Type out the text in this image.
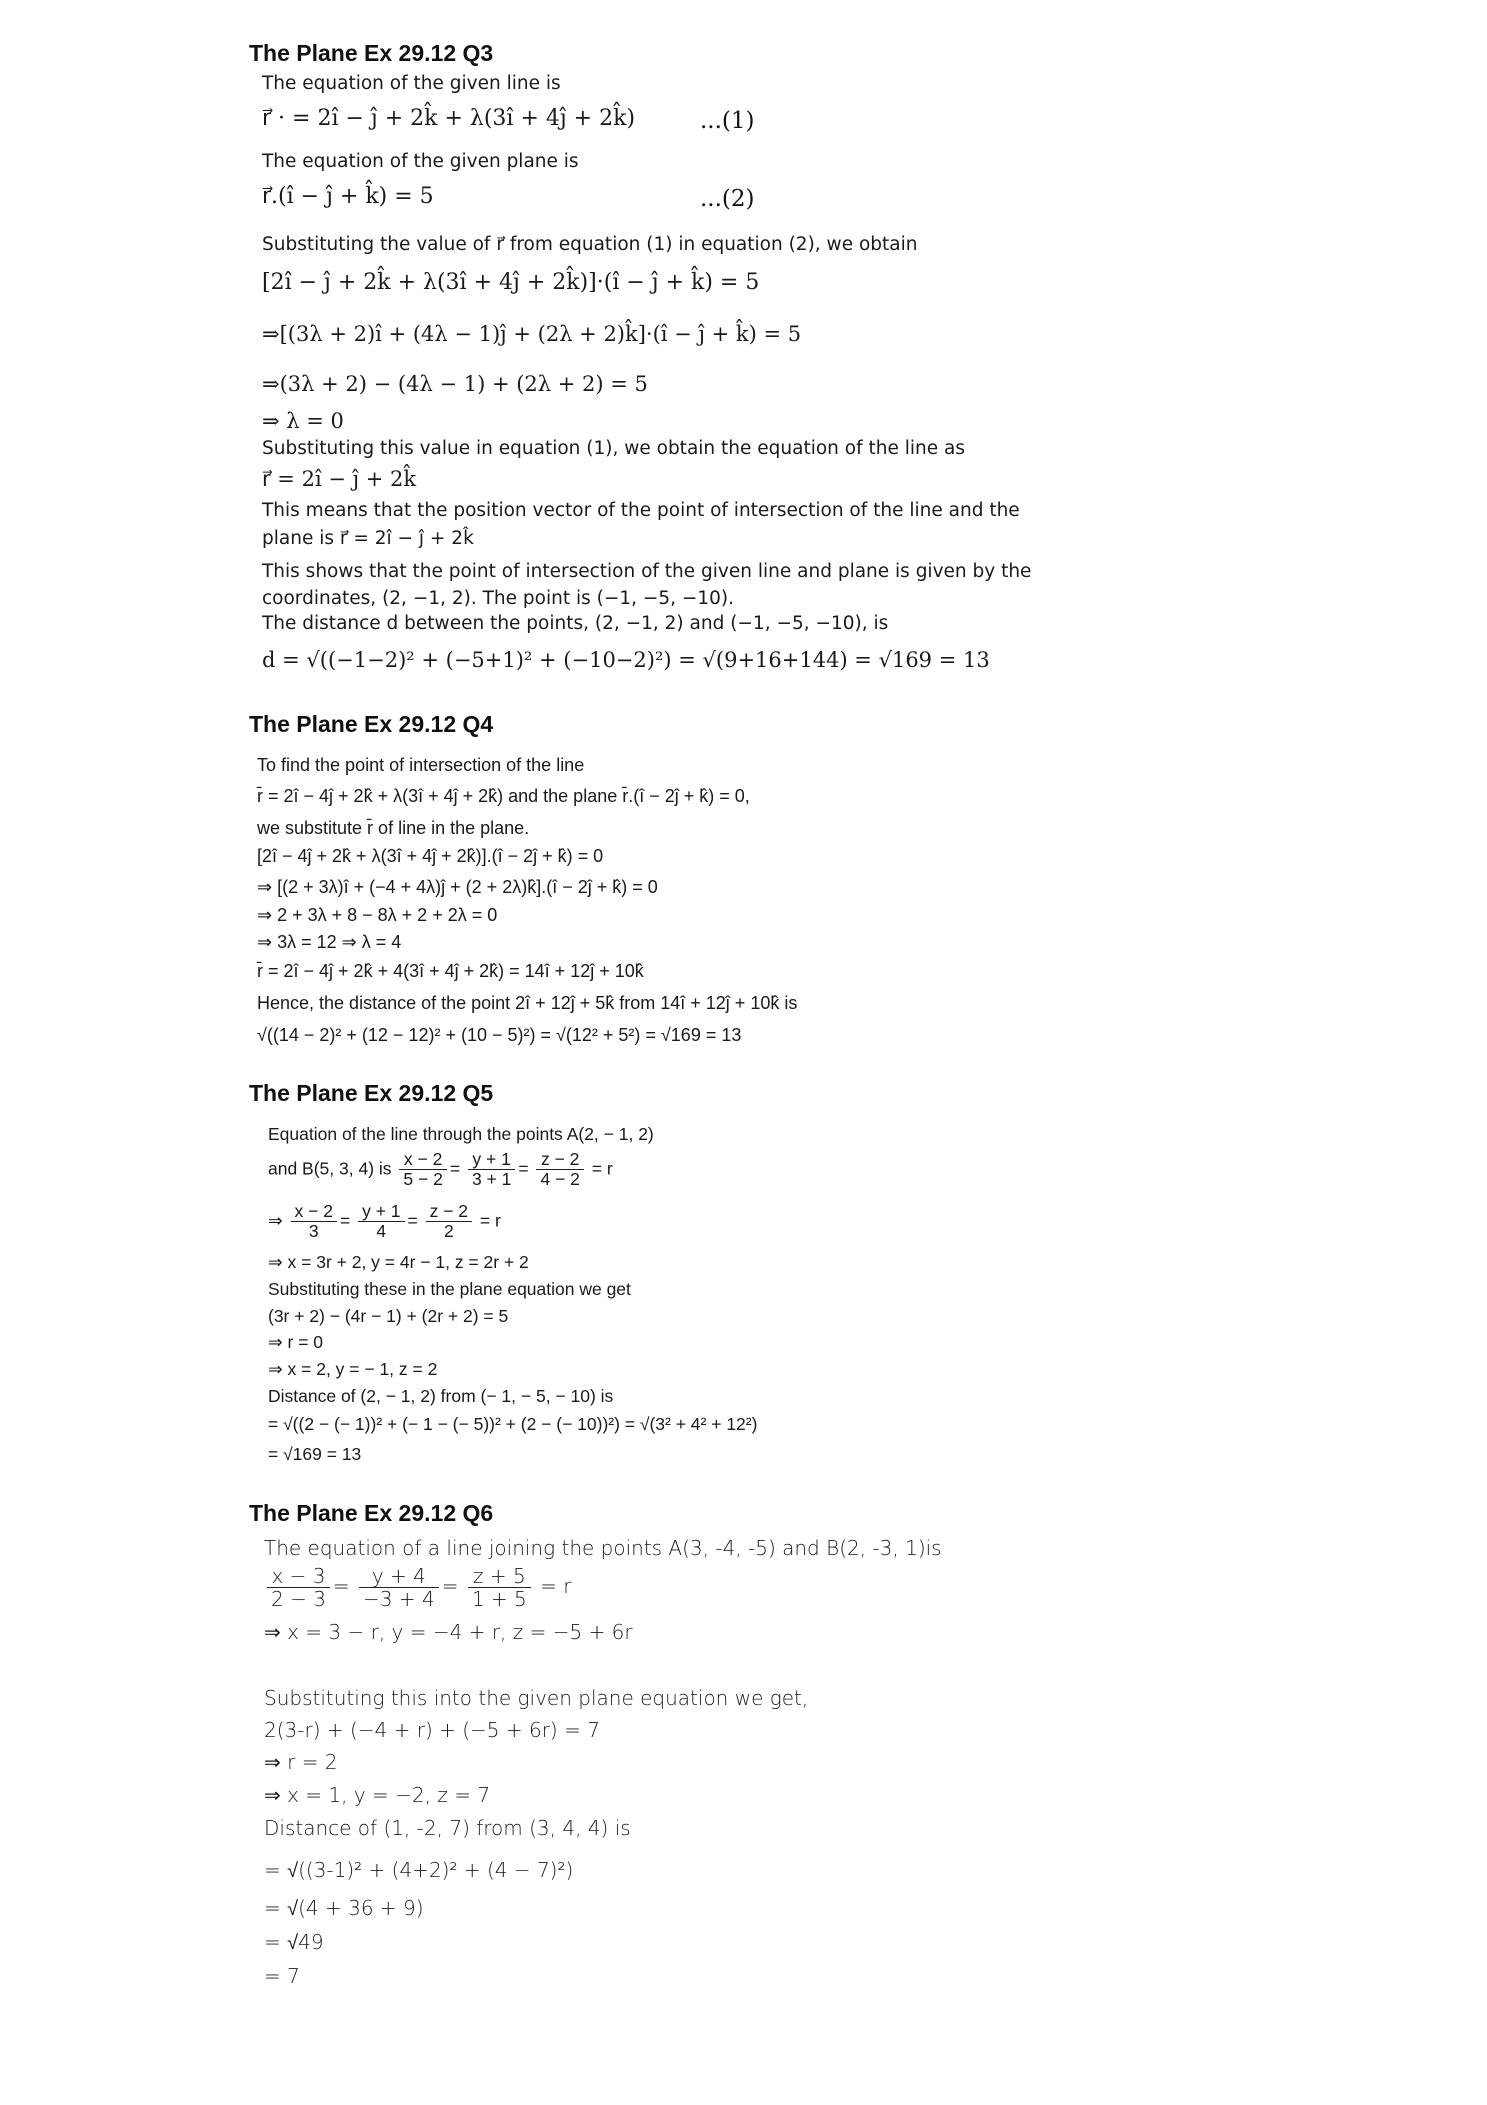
The Plane Ex 29.12 Q3
The equation of the given line is
r⃗ · = 2î − ĵ + 2k̂ + λ(3î + 4ĵ + 2k̂)	...(1)
The equation of the given plane is
r⃗.(î − ĵ + k̂) = 5	...(2)
Substituting the value of r⃗ from equation (1) in equation (2), we obtain
[2î − ĵ + 2k̂ + λ(3î + 4ĵ + 2k̂)]·(î − ĵ + k̂) = 5
⇒[(3λ + 2)î + (4λ − 1)ĵ + (2λ + 2)k̂]·(î − ĵ + k̂) = 5
⇒(3λ + 2) − (4λ − 1) + (2λ + 2) = 5
⇒ λ = 0
Substituting this value in equation (1), we obtain the equation of the line as
r⃗ = 2î − ĵ + 2k̂
This means that the position vector of the point of intersection of the line and the
plane is r⃗ = 2î − ĵ + 2k̂
This shows that the point of intersection of the given line and plane is given by the
coordinates, (2, −1, 2). The point is (−1, −5, −10).
The distance d between the points, (2, −1, 2) and (−1, −5, −10), is
d = √((−1−2)² + (−5+1)² + (−10−2)²) = √(9+16+144) = √169 = 13
The Plane Ex 29.12 Q4
To find the point of intersection of the line
r̄ = 2î − 4ĵ + 2k̂ + λ(3î + 4ĵ + 2k̂) and the plane r̄.(î − 2ĵ + k̂) = 0,
we substitute r̄ of line in the plane.
[2î − 4ĵ + 2k̂ + λ(3î + 4ĵ + 2k̂)].(î − 2ĵ + k̂) = 0
⇒ [(2 + 3λ)î + (−4 + 4λ)ĵ + (2 + 2λ)k̂].(î − 2ĵ + k̂) = 0
⇒ 2 + 3λ + 8 − 8λ + 2 + 2λ = 0
⇒ 3λ = 12 ⇒ λ = 4
r̄ = 2î − 4ĵ + 2k̂ + 4(3î + 4ĵ + 2k̂) = 14î + 12ĵ + 10k̂
Hence, the distance of the point 2î + 12ĵ + 5k̂ from 14î + 12ĵ + 10k̂ is
√((14 − 2)² + (12 − 12)² + (10 − 5)²) = √(12² + 5²) = √169 = 13
The Plane Ex 29.12 Q5
Equation of the line through the points A(2, − 1, 2)
and B(5, 3, 4) is $\frac{x - 2}{5 - 2} = \frac{y + 1}{3 + 1} = \frac{z - 2}{4 - 2} = r$
⇒ $\frac{x - 2}{3} = \frac{y + 1}{4} = \frac{z - 2}{2} = r$
⇒ x = 3r + 2, y = 4r − 1, z = 2r + 2
Substituting these in the plane equation we get
(3r + 2) − (4r − 1) + (2r + 2) = 5
⇒ r = 0
⇒ x = 2, y = − 1, z = 2
Distance of (2, − 1, 2) from (− 1, − 5, − 10) is
= √((2 − (− 1))² + (− 1 − (− 5))² + (2 − (− 10))²) = √(3² + 4² + 12²)
= √169 = 13
The Plane Ex 29.12 Q6
The equation of a line joining the points A(3, -4, -5) and B(2, -3, 1)is
$\frac{x - 3}{2 - 3} = \frac{y + 4}{-3 + 4} = \frac{z + 5}{1 + 5} = r$
⇒ x = 3 − r, y = −4 + r, z = −5 + 6r
Substituting this into the given plane equation we get,
2(3-r) + (−4 + r) + (−5 + 6r) = 7
⇒ r = 2
⇒ x = 1, y = −2, z = 7
Distance of (1, -2, 7) from (3, 4, 4) is
= √((3-1)² + (4+2)² + (4 − 7)²)
= √(4 + 36 + 9)
= √49
= 7
